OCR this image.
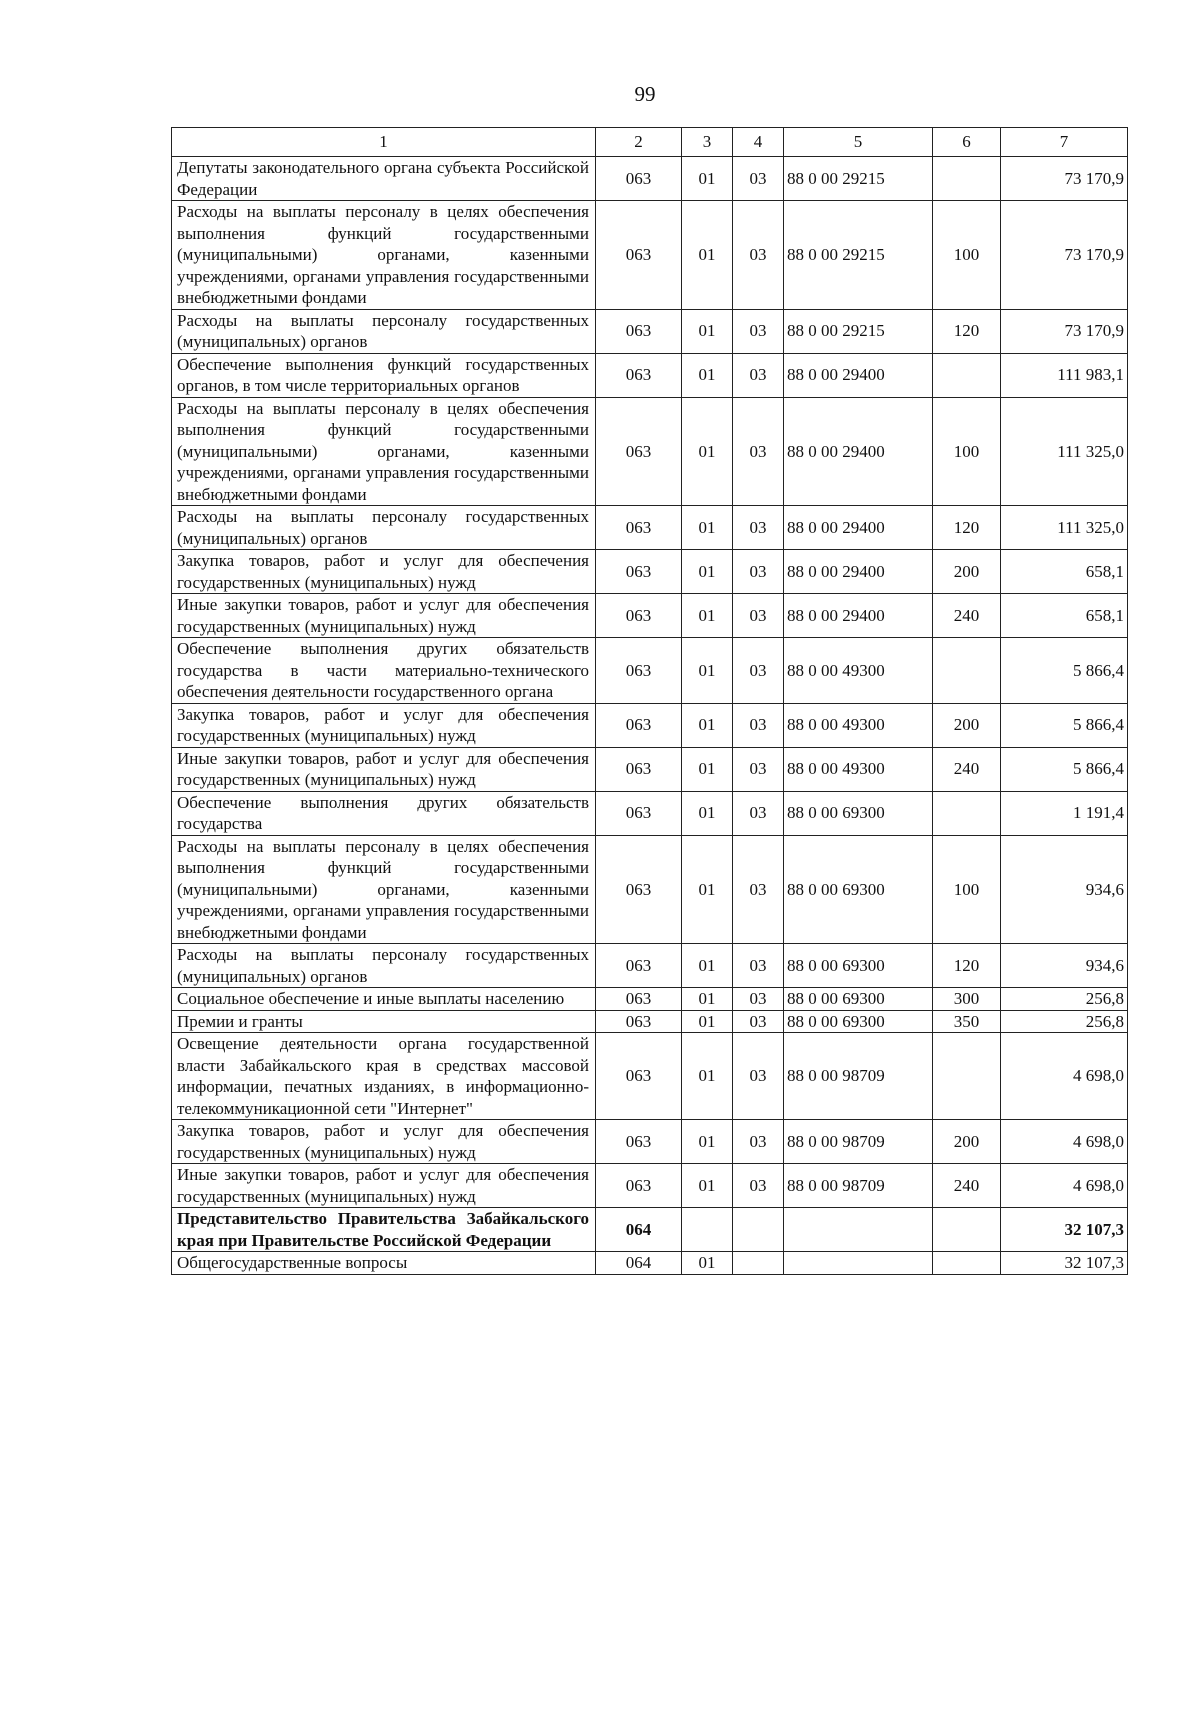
99
1	2	3	4	5	6	7
Депутаты законодательного органа субъекта Российской Федерации	063	01	03	88 0 00 29215		73 170,9
Расходы на выплаты персоналу в целях обеспечения выполнения функций государственными (муниципальными) органами, казенными учреждениями, органами управления государственными внебюджетными фондами	063	01	03	88 0 00 29215	100	73 170,9
Расходы на выплаты персоналу государственных (муниципальных) органов	063	01	03	88 0 00 29215	120	73 170,9
Обеспечение выполнения функций государственных органов, в том числе территориальных органов	063	01	03	88 0 00 29400		111 983,1
Расходы на выплаты персоналу в целях обеспечения выполнения функций государственными (муниципальными) органами, казенными учреждениями, органами управления государственными внебюджетными фондами	063	01	03	88 0 00 29400	100	111 325,0
Расходы на выплаты персоналу государственных (муниципальных) органов	063	01	03	88 0 00 29400	120	111 325,0
Закупка товаров, работ и услуг для обеспечения государственных (муниципальных) нужд	063	01	03	88 0 00 29400	200	658,1
Иные закупки товаров, работ и услуг для обеспечения государственных (муниципальных) нужд	063	01	03	88 0 00 29400	240	658,1
Обеспечение выполнения других обязательств государства в части материально-технического обеспечения деятельности государственного органа	063	01	03	88 0 00 49300		5 866,4
Закупка товаров, работ и услуг для обеспечения государственных (муниципальных) нужд	063	01	03	88 0 00 49300	200	5 866,4
Иные закупки товаров, работ и услуг для обеспечения государственных (муниципальных) нужд	063	01	03	88 0 00 49300	240	5 866,4
Обеспечение выполнения других обязательств государства	063	01	03	88 0 00 69300		1 191,4
Расходы на выплаты персоналу в целях обеспечения выполнения функций государственными (муниципальными) органами, казенными учреждениями, органами управления государственными внебюджетными фондами	063	01	03	88 0 00 69300	100	934,6
Расходы на выплаты персоналу государственных (муниципальных) органов	063	01	03	88 0 00 69300	120	934,6
Социальное обеспечение и иные выплаты населению	063	01	03	88 0 00 69300	300	256,8
Премии и гранты	063	01	03	88 0 00 69300	350	256,8
Освещение деятельности органа государственной власти Забайкальского края в средствах массовой информации, печатных изданиях, в информационно-телекоммуникационной сети "Интернет"	063	01	03	88 0 00 98709		4 698,0
Закупка товаров, работ и услуг для обеспечения государственных (муниципальных) нужд	063	01	03	88 0 00 98709	200	4 698,0
Иные закупки товаров, работ и услуг для обеспечения государственных (муниципальных) нужд	063	01	03	88 0 00 98709	240	4 698,0
Представительство Правительства Забайкальского края при Правительстве Российской Федерации	064					32 107,3
Общегосударственные вопросы	064	01				32 107,3
